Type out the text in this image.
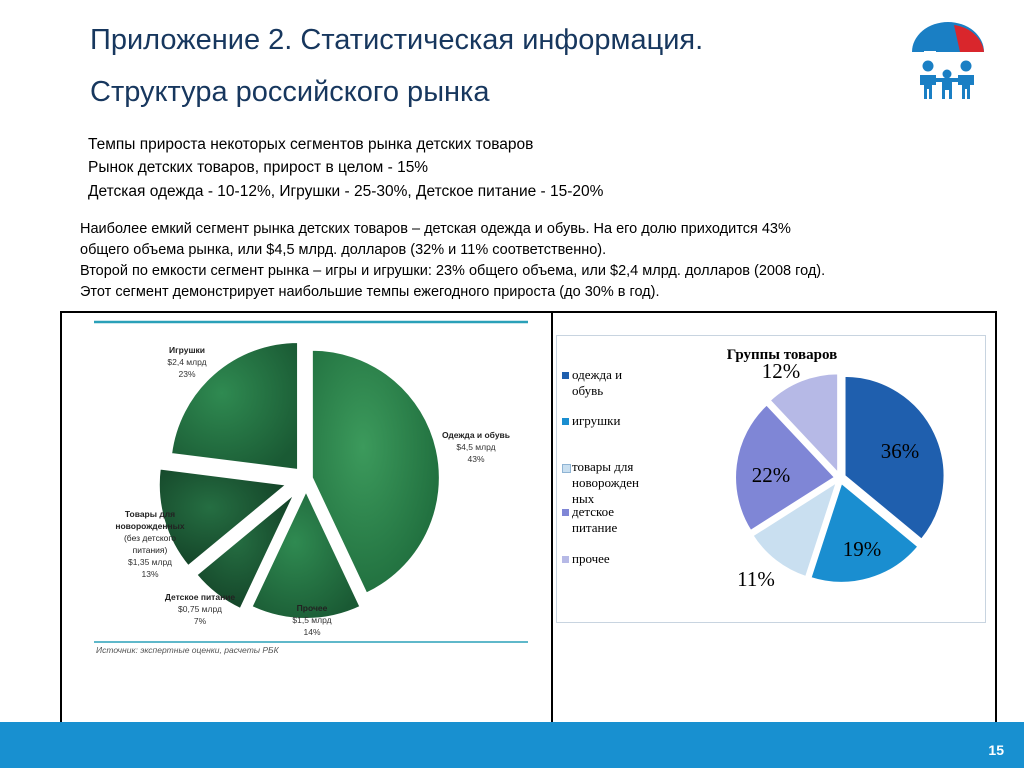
Приложение 2. Статистическая информация.
Структура российского рынка
Темпы прироста некоторых сегментов рынка детских товаров
Рынок детских товаров, прирост в целом - 15%
Детская одежда - 10-12%, Игрушки - 25-30%, Детское питание - 15-20%
Наиболее емкий сегмент рынка детских товаров – детская одежда и обувь. На его долю приходится 43%
общего объема рынка, или $4,5 млрд. долларов (32% и 11% соответственно).
Второй по емкости сегмент рынка – игры и игрушки: 23% общего объема, или $2,4 млрд. долларов (2008 год).
Этот сегмент демонстрирует наибольшие темпы ежегодного прироста (до 30% в год).
Источник: экспертные оценки, расчеты РБК
Одежда и обувь
$4,5 млрд
43%
Прочее
$1,5 млрд
14%
Детское питание
$0,75 млрд
7%
Товары для
новорожденных
(без детского
питания)
$1,35 млрд
13%
Игрушки
$2,4 млрд
23%
36%
19%
11%
22%
12%
Группы товаров
одежда и
обувь
игрушки
товары для
новорожден
ных
детское
питание
прочее
15
